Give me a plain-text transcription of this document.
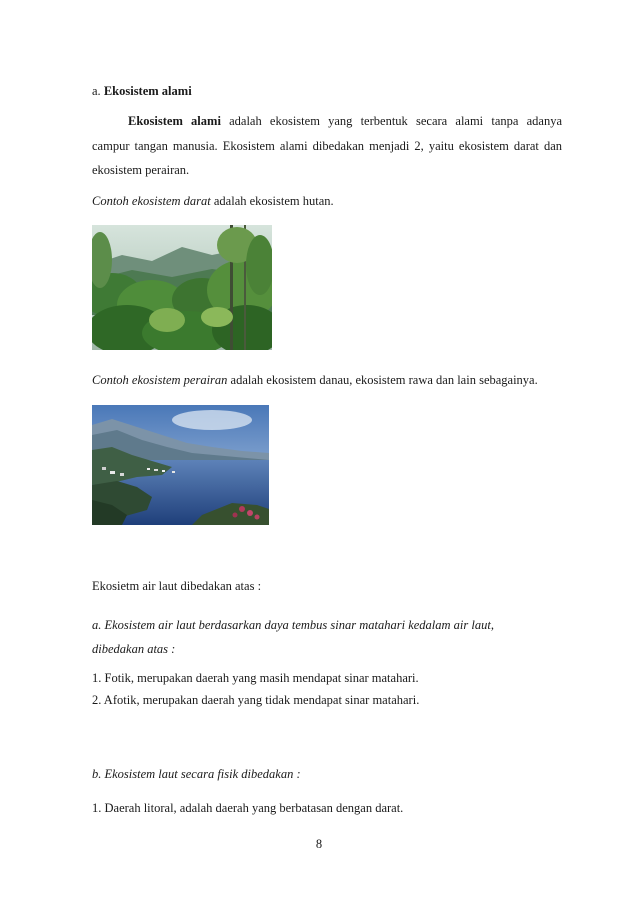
a. Ekosistem alami
Ekosistem alami adalah ekosistem yang terbentuk secara alami tanpa adanya
campur tangan manusia. Ekosistem alami dibedakan menjadi 2, yaitu ekosistem darat dan
ekosistem perairan.
Contoh ekosistem darat adalah ekosistem hutan.
Contoh ekosistem perairan adalah ekosistem danau, ekosistem rawa dan lain sebagainya.
Ekosietm air laut dibedakan atas :
a. Ekosistem air laut berdasarkan daya tembus sinar matahari kedalam air laut,
dibedakan atas :
1. Fotik, merupakan daerah yang masih mendapat sinar matahari.
2. Afotik, merupakan daerah yang tidak mendapat sinar matahari.
b. Ekosistem laut secara fisik dibedakan :
1. Daerah litoral, adalah daerah yang berbatasan dengan darat.
8
